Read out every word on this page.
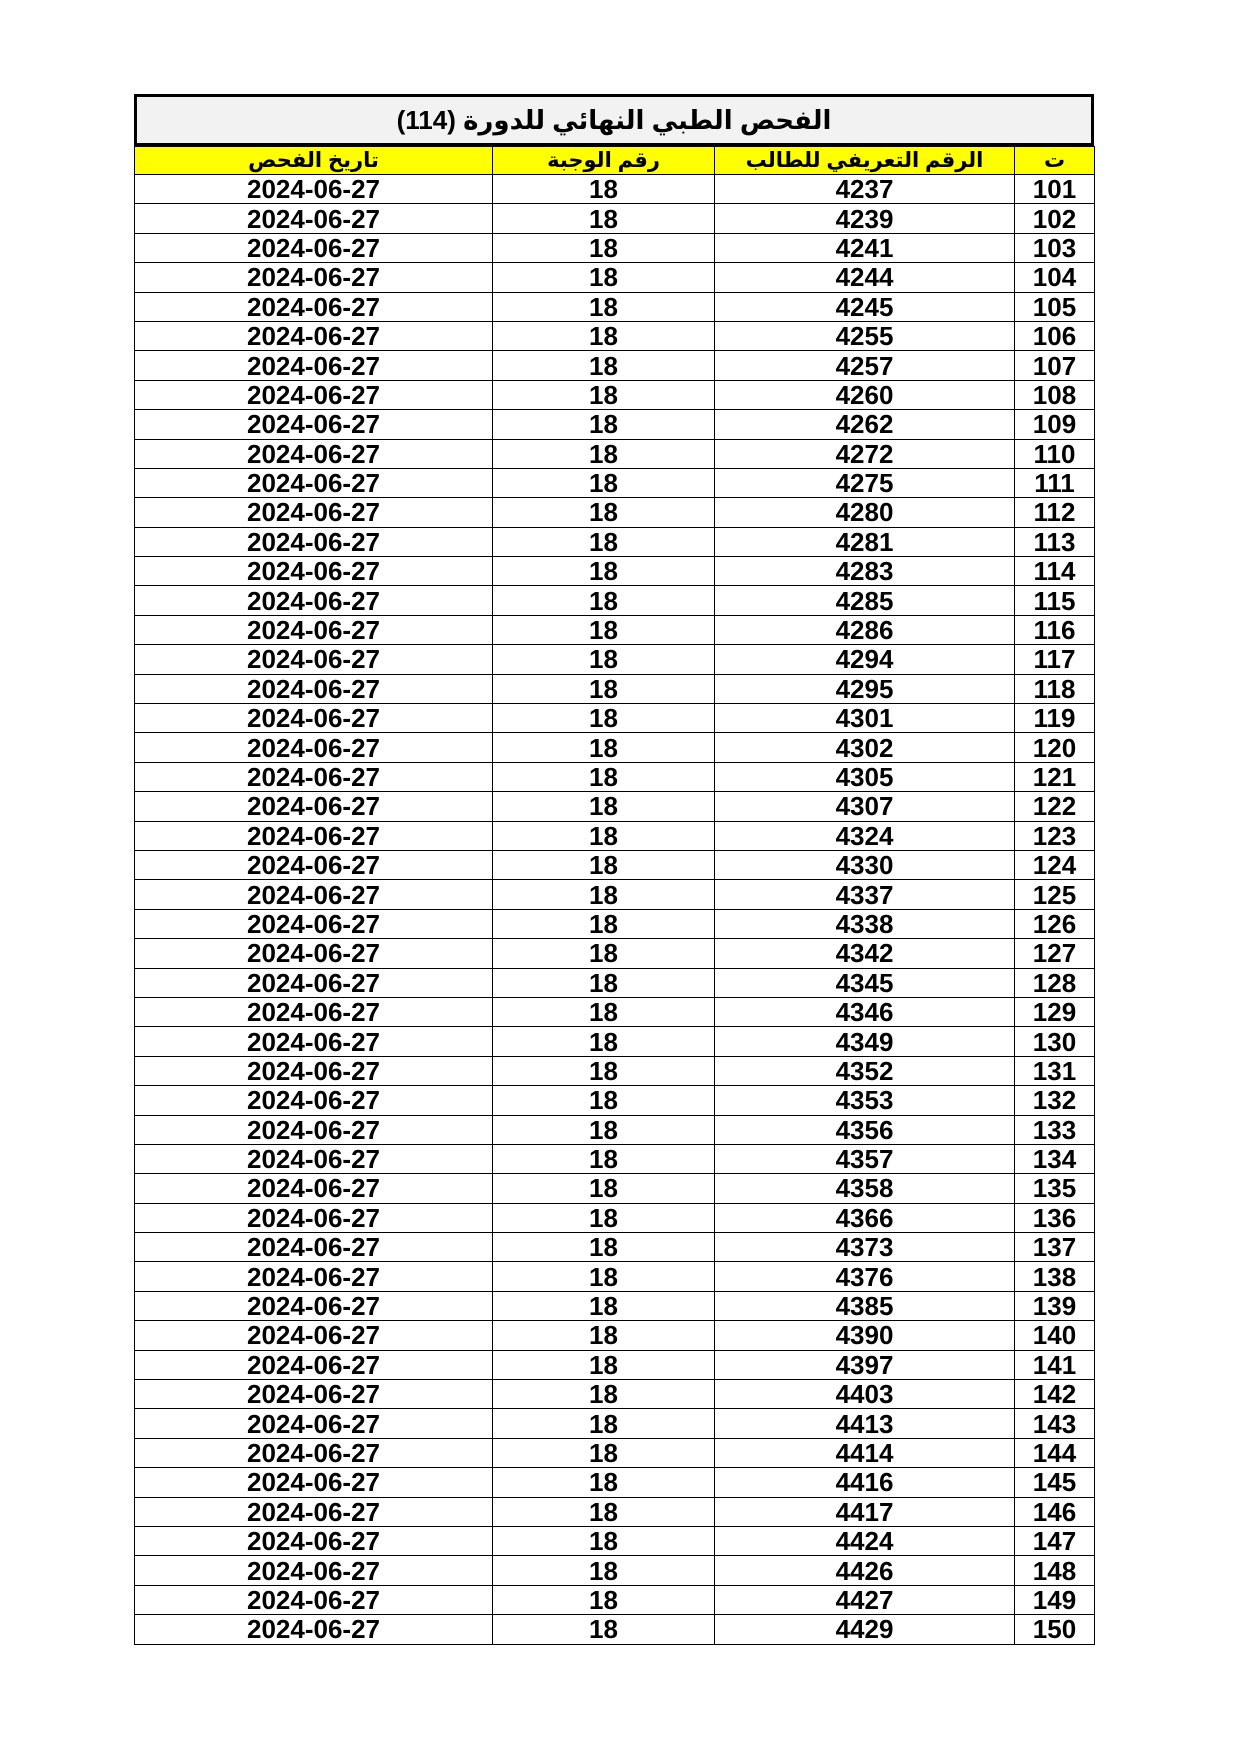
الفحص الطبي النهائي للدورة (114)
ت	الرقم التعريفي للطالب	رقم الوجبة	تاريخ الفحص
101	4237	18	2024-06-27
102	4239	18	2024-06-27
103	4241	18	2024-06-27
104	4244	18	2024-06-27
105	4245	18	2024-06-27
106	4255	18	2024-06-27
107	4257	18	2024-06-27
108	4260	18	2024-06-27
109	4262	18	2024-06-27
110	4272	18	2024-06-27
111	4275	18	2024-06-27
112	4280	18	2024-06-27
113	4281	18	2024-06-27
114	4283	18	2024-06-27
115	4285	18	2024-06-27
116	4286	18	2024-06-27
117	4294	18	2024-06-27
118	4295	18	2024-06-27
119	4301	18	2024-06-27
120	4302	18	2024-06-27
121	4305	18	2024-06-27
122	4307	18	2024-06-27
123	4324	18	2024-06-27
124	4330	18	2024-06-27
125	4337	18	2024-06-27
126	4338	18	2024-06-27
127	4342	18	2024-06-27
128	4345	18	2024-06-27
129	4346	18	2024-06-27
130	4349	18	2024-06-27
131	4352	18	2024-06-27
132	4353	18	2024-06-27
133	4356	18	2024-06-27
134	4357	18	2024-06-27
135	4358	18	2024-06-27
136	4366	18	2024-06-27
137	4373	18	2024-06-27
138	4376	18	2024-06-27
139	4385	18	2024-06-27
140	4390	18	2024-06-27
141	4397	18	2024-06-27
142	4403	18	2024-06-27
143	4413	18	2024-06-27
144	4414	18	2024-06-27
145	4416	18	2024-06-27
146	4417	18	2024-06-27
147	4424	18	2024-06-27
148	4426	18	2024-06-27
149	4427	18	2024-06-27
150	4429	18	2024-06-27
